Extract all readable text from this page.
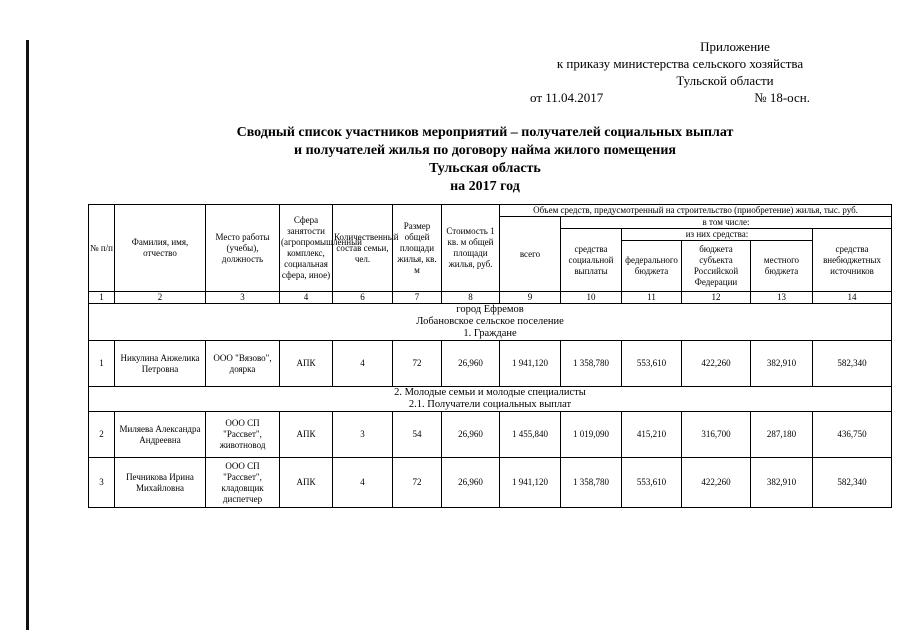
Приложение
к приказу министерства сельского хозяйства
Тульской области
от 11.04.2017	№ 18-осн.
Сводный список участников мероприятий – получателей социальных выплат
и получателей жилья по договору найма жилого помещения
Тульская область
на 2017 год
№ п/п	Фамилия, имя, отчество	Место работы (учебы), должность	Сфера занятости (агропромышленный комплекс, социальная сфера, иное)	Количественный состав семьи, чел.	Размер общей площади жилья, кв. м	Стоимость 1 кв. м общей площади жилья, руб.	Объем средств, предусмотренный на строительство (приобретение) жилья, тыс. руб.					
							всего	в том числе:				
								средства социальной выплаты	из них средства:			средства внебюджетных источников
									федерального бюджета	бюджета субъекта Российской Федерации	местного бюджета	
1	2	3	4	6	7	8	9	10	11	12	13	14

город Ефремов
Лобановское сельское поселение
1. Граждане												

1	Никулина Анжелика Петровна	ООО "Вязово", доярка	АПК	4	72	26,960	1 941,120	1 358,780	553,610	422,260	382,910	582,340

2. Молодые семьи и молодые специалисты
2.1. Получатели социальных выплат												

2	Миляева Александра Андреевна	ООО СП "Рассвет", животновод	АПК	3	54	26,960	1 455,840	1 019,090	415,210	316,700	287,180	436,750
3	Печникова Ирина Михайловна	ООО СП "Рассвет", кладовщик диспетчер	АПК	4	72	26,960	1 941,120	1 358,780	553,610	422,260	382,910	582,340
